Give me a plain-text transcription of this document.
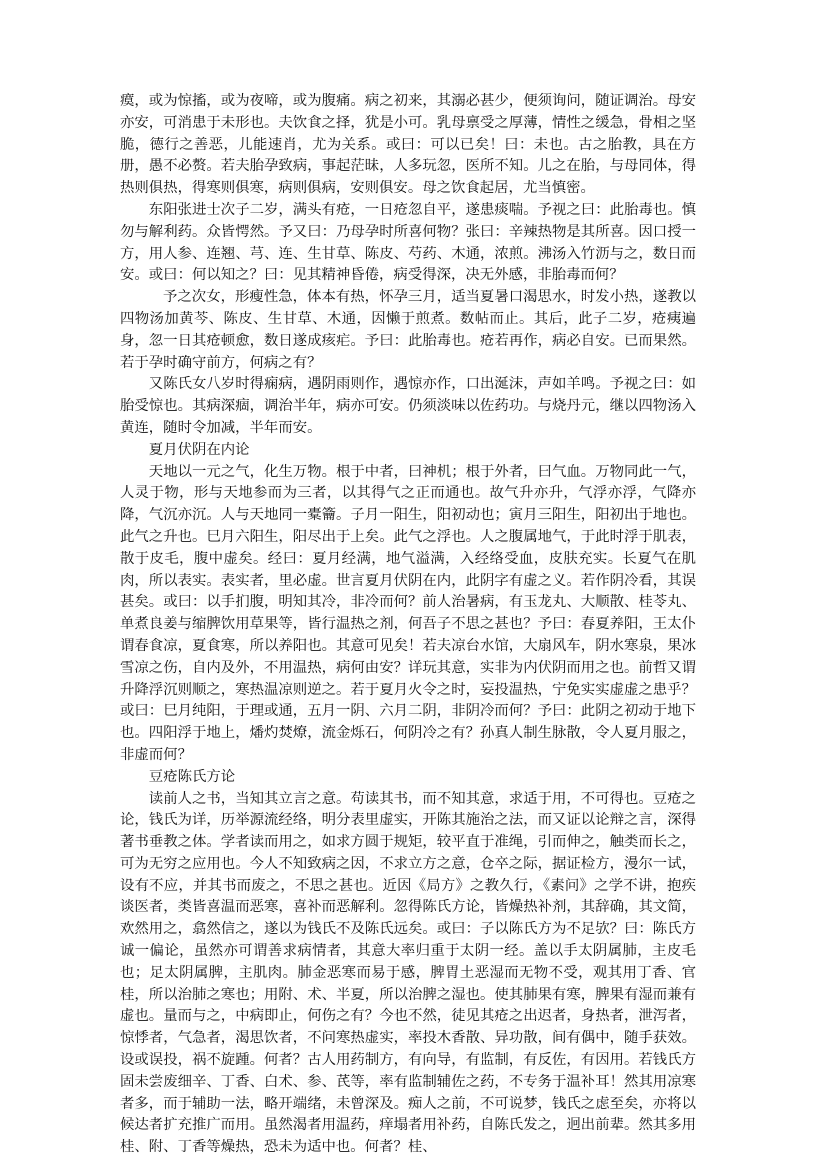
瘼，或为惊搐，或为夜啼，或为腹痛。病之初来，其溺必甚少，便须询问，随证调治。母安亦安，可消患于未形也。夫饮食之择，犹是小可。乳母禀受之厚薄，情性之缓急，骨相之坚脆，德行之善恶，儿能速肖，尤为关系。或曰：可以已矣！曰：未也。古之胎教，具在方册，愚不必赘。若夫胎孕致病，事起茫昧，人多玩忽，医所不知。儿之在胎，与母同体，得热则俱热，得寒则俱寒，病则俱病，安则俱安。母之饮食起居，尤当慎密。

东阳张进士次子二岁，满头有疮，一日疮忽自平，遂患痰喘。予视之曰：此胎毒也。慎勿与解利药。众皆愕然。予又曰：乃母孕时所喜何物？张曰：辛辣热物是其所喜。因口授一方，用人参、连翘、芎、连、生甘草、陈皮、芍药、木通，浓煎。沸汤入竹沥与之，数日而安。或曰：何以知之？曰：见其精神昏倦，病受得深，决无外感，非胎毒而何？

予之次女，形瘦性急，体本有热，怀孕三月，适当夏暑口渴思水，时发小热，遂教以四物汤加黄芩、陈皮、生甘草、木通，因懒于煎煮。数帖而止。其后，此子二岁，疮痍遍身，忽一日其疮顿愈，数日遂成痎疟。予曰：此胎毒也。疮若再作，病必自安。已而果然。若于孕时确守前方，何病之有？

又陈氏女八岁时得痫病，遇阴雨则作，遇惊亦作，口出涎沫，声如羊鸣。予视之曰：如胎受惊也。其病深痼，调治半年，病亦可安。仍须淡味以佐药功。与烧丹元，继以四物汤入黄连，随时令加减，半年而安。

夏月伏阴在内论

天地以一元之气，化生万物。根于中者，曰神机；根于外者，曰气血。万物同此一气，人灵于物，形与天地参而为三者，以其得气之正而通也。故气升亦升，气浮亦浮，气降亦降，气沉亦沉。人与天地同一橐籥。子月一阳生，阳初动也；寅月三阳生，阳初出于地也。此气之升也。巳月六阳生，阳尽出于上矣。此气之浮也。人之腹属地气，于此时浮于肌表，散于皮毛，腹中虚矣。经曰：夏月经满，地气溢满，入经络受血，皮肤充实。长夏气在肌肉，所以表实。表实者，里必虚。世言夏月伏阴在内，此阴字有虚之义。若作阴冷看，其误甚矣。或曰：以手扪腹，明知其冷，非冷而何？前人治暑病，有玉龙丸、大顺散、桂苓丸、单煮良姜与缩脾饮用草果等，皆行温热之剂，何吾子不思之甚也？予曰：春夏养阳，王太仆谓春食凉，夏食寒，所以养阳也。其意可见矣！若夫凉台水馆，大扇风车，阴水寒泉，果冰雪凉之伤，自内及外，不用温热，病何由安？详玩其意，实非为内伏阴而用之也。前哲又谓升降浮沉则顺之，寒热温凉则逆之。若于夏月火令之时，妄投温热，宁免实实虚虚之患乎？或曰：巳月纯阳，于理或通，五月一阴、六月二阴，非阴冷而何？予曰：此阴之初动于地下也。四阳浮于地上，燔灼焚燎，流金烁石，何阴冷之有？孙真人制生脉散，令人夏月服之，非虚而何？

豆疮陈氏方论

读前人之书，当知其立言之意。苟读其书，而不知其意，求适于用，不可得也。豆疮之论，钱氏为详，历举源流经络，明分表里虚实，开陈其施治之法，而又证以论辩之言，深得著书垂教之体。学者读而用之，如求方圆于规矩，较平直于准绳，引而伸之，触类而长之，可为无穷之应用也。今人不知致病之因，不求立方之意，仓卒之际，据证检方，漫尔一试，设有不应，并其书而废之，不思之甚也。近因《局方》之教久行，《素问》之学不讲，抱疾谈医者，类皆喜温而恶寒，喜补而恶解利。忽得陈氏方论，皆燥热补剂，其辞确，其文简，欢然用之，翕然信之，遂以为钱氏不及陈氏远矣。或曰：子以陈氏方为不足欤？曰：陈氏方诚一偏论，虽然亦可谓善求病情者，其意大率归重于太阴一经。盖以手太阴属肺，主皮毛也；足太阴属脾，主肌肉。肺金恶寒而易于感，脾胃土恶湿而无物不受，观其用丁香、官桂，所以治肺之寒也；用附、术、半夏，所以治脾之湿也。使其肺果有寒，脾果有湿而兼有虚也。量而与之，中病即止，何伤之有？今也不然，徒见其疮之出迟者，身热者，泄泻者，惊悸者，气急者，渴思饮者，不问寒热虚实，率投木香散、异功散，间有偶中，随手获效。设或误投，祸不旋踵。何者？古人用药制方，有向导，有监制，有反佐，有因用。若钱氏方固未尝废细辛、丁香、白术、参、芪等，率有监制辅佐之药，不专务于温补耳！然其用凉寒者多，而于辅助一法，略开端绪，未曾深及。痴人之前，不可说梦，钱氏之虑至矣，亦将以候达者扩充推广而用。虽然渴者用温药，痒塌者用补药，自陈氏发之，迥出前辈。然其多用桂、附、丁香等燥热，恐未为适中也。何者？桂、
